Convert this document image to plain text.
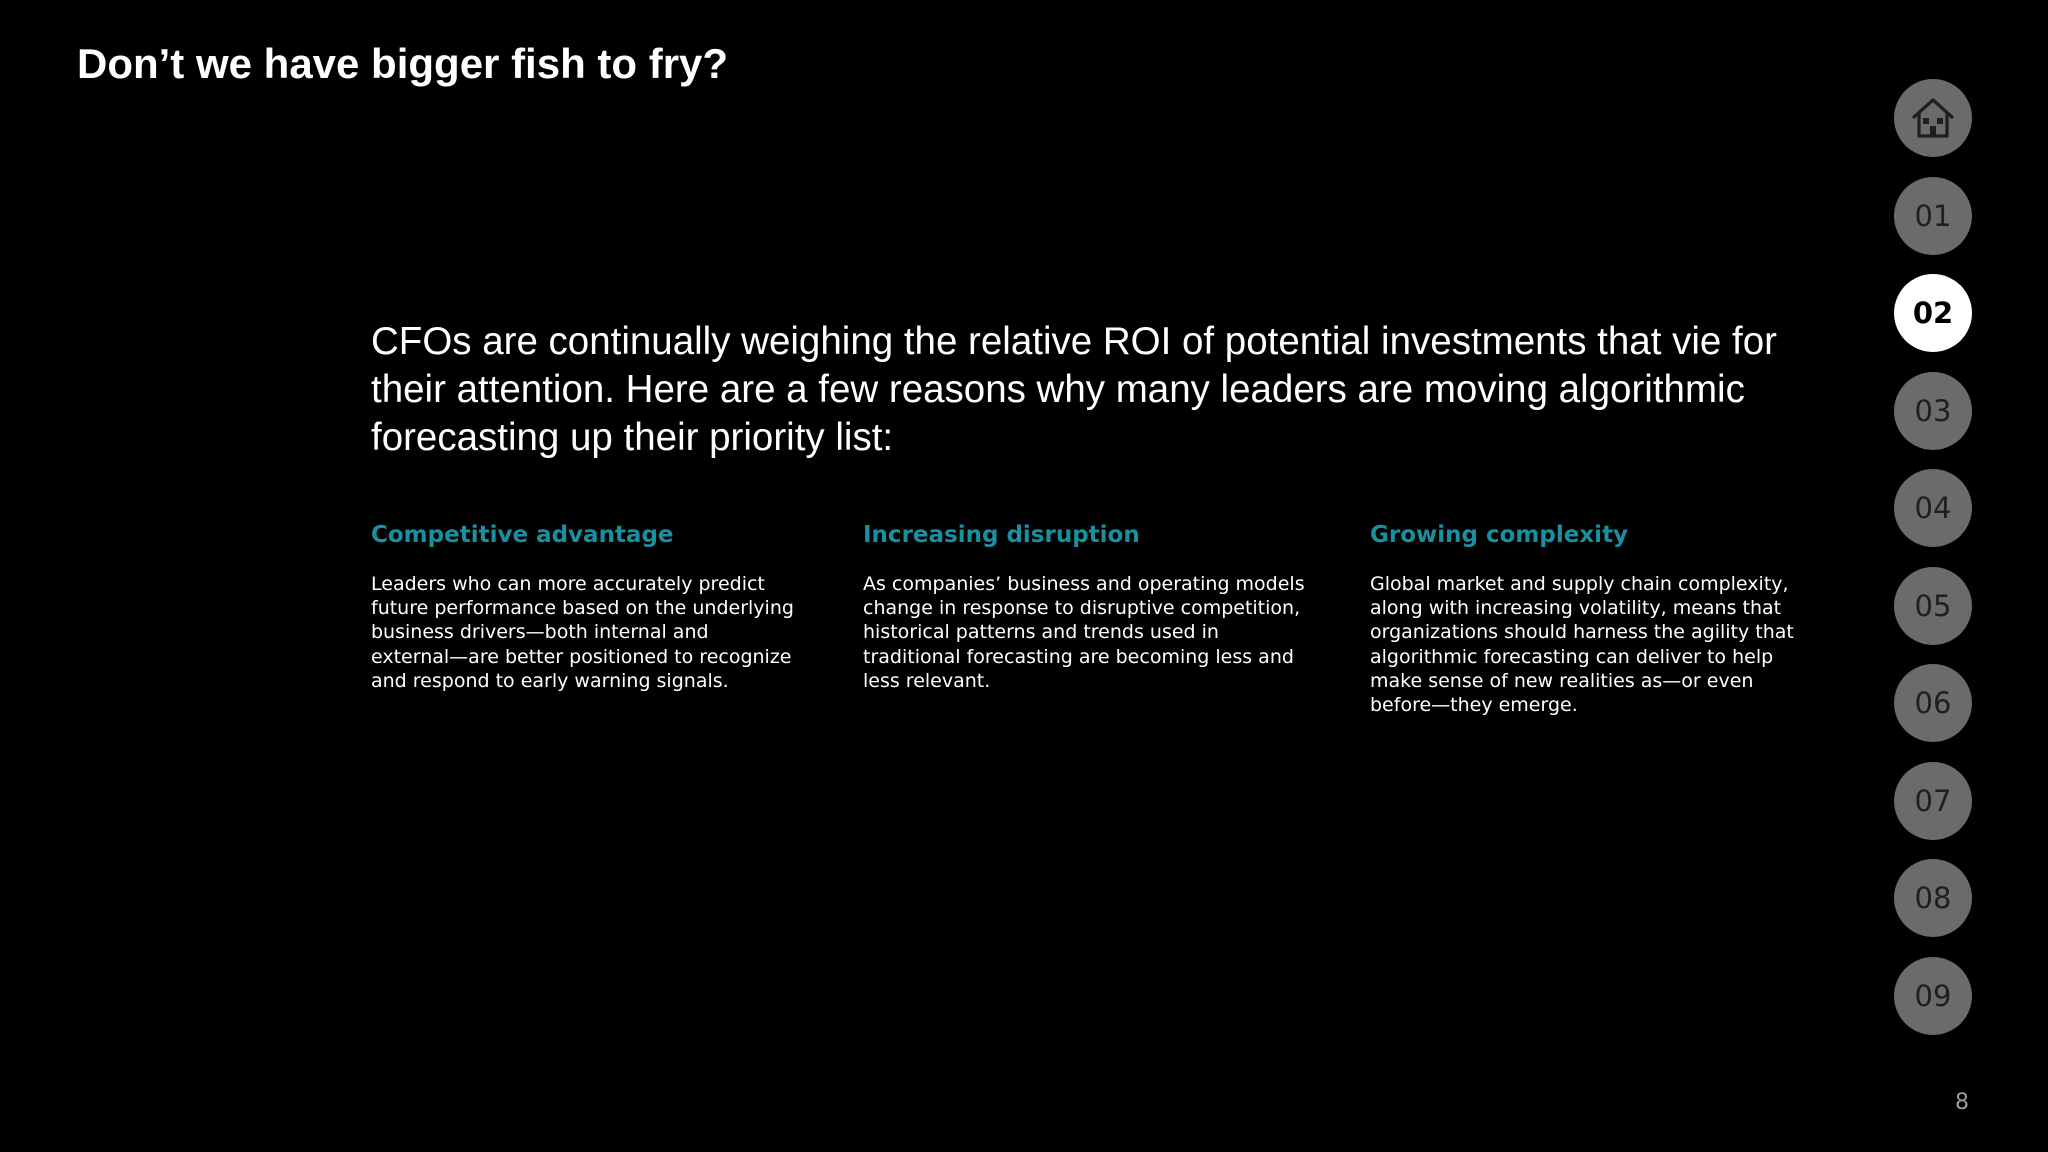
Don’t we have bigger fish to fry?

CFOs are continually weighing the relative ROI of potential investments that vie for their attention. Here are a few reasons why many leaders are moving algorithmic forecasting up their priority list:

Competitive advantage

Leaders who can more accurately predict
future performance based on the underlying
business drivers—both internal and
external—are better positioned to recognize
and respond to early warning signals.

Increasing disruption

As companies’ business and operating models
change in response to disruptive competition,
historical patterns and trends used in
traditional forecasting are becoming less and
less relevant.

Growing complexity

Global market and supply chain complexity,
along with increasing volatility, means that
organizations should harness the agility that
algorithmic forecasting can deliver to help
make sense of new realities as—or even
before—they emerge.

01
02
03
04
05
06
07
08
09
8
